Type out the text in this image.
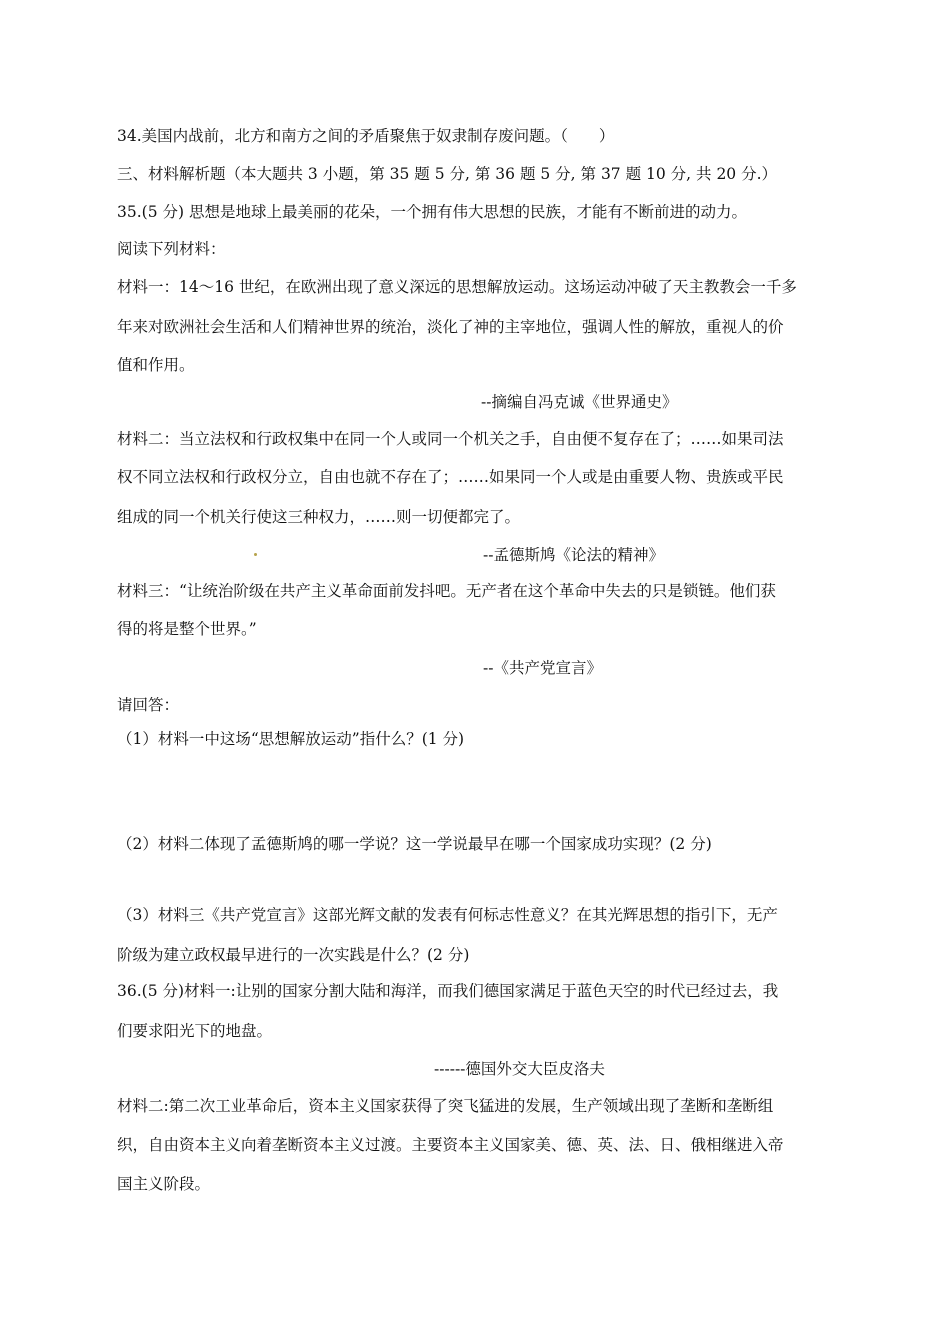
34.美国内战前，北方和南方之间的矛盾聚焦于奴隶制存废问题。（　　）
三、材料解析题（本大题共 3 小题，第 35 题 5 分, 第 36 题 5 分, 第 37 题 10 分, 共 20 分.）
35.(5 分) 思想是地球上最美丽的花朵，一个拥有伟大思想的民族，才能有不断前进的动力。
阅读下列材料：
材料一：14～16 世纪，在欧洲出现了意义深远的思想解放运动。这场运动冲破了天主教教会一千多
年来对欧洲社会生活和人们精神世界的统治，淡化了神的主宰地位，强调人性的解放，重视人的价
值和作用。
--摘编自冯克诚《世界通史》
材料二：当立法权和行政权集中在同一个人或同一个机关之手，自由便不复存在了；……如果司法
权不同立法权和行政权分立，自由也就不存在了；……如果同一个人或是由重要人物、贵族或平民
组成的同一个机关行使这三种权力，……则一切便都完了。
--孟德斯鸠《论法的精神》
材料三：“让统治阶级在共产主义革命面前发抖吧。无产者在这个革命中失去的只是锁链。他们获
得的将是整个世界。”
--《共产党宣言》
请回答：
（1）材料一中这场“思想解放运动”指什么？(1 分)
（2）材料二体现了孟德斯鸠的哪一学说？这一学说最早在哪一个国家成功实现？(2 分)
（3）材料三《共产党宣言》这部光辉文献的发表有何标志性意义？在其光辉思想的指引下，无产
阶级为建立政权最早进行的一次实践是什么？(2 分)
36.(5 分)材料一:让别的国家分割大陆和海洋，而我们德国家满足于蓝色天空的时代已经过去，我
们要求阳光下的地盘。
------德国外交大臣皮洛夫
材料二:第二次工业革命后，资本主义国家获得了突飞猛进的发展，生产领域出现了垄断和垄断组
织，自由资本主义向着垄断资本主义过渡。主要资本主义国家美、德、英、法、日、俄相继进入帝
国主义阶段。
